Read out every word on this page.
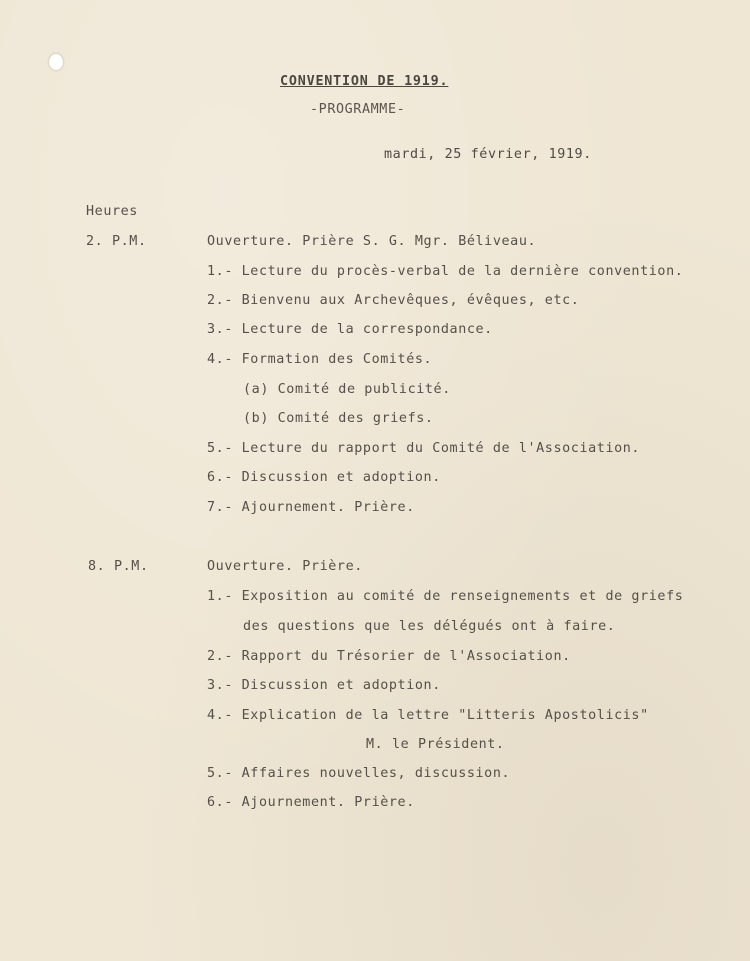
CONVENTION DE 1919.
-PROGRAMME-
mardi, 25 février, 1919.
Heures
2. P.M.	Ouverture. Prière S. G. Mgr. Béliveau.
1.- Lecture du procès-verbal de la dernière convention.
2.- Bienvenu aux Archevêques, évêques, etc.
3.- Lecture de la correspondance.
4.- Formation des Comités.
(a) Comité de publicité.
(b) Comité des griefs.
5.- Lecture du rapport du Comité de l'Association.
6.- Discussion et adoption.
7.- Ajournement. Prière.
8. P.M.	Ouverture. Prière.
1.- Exposition au comité de renseignements et de griefs
des questions que les délégués ont à faire.
2.- Rapport du Trésorier de l'Association.
3.- Discussion et adoption.
4.- Explication de la lettre "Litteris Apostolicis"
M. le Président.
5.- Affaires nouvelles, discussion.
6.- Ajournement. Prière.
